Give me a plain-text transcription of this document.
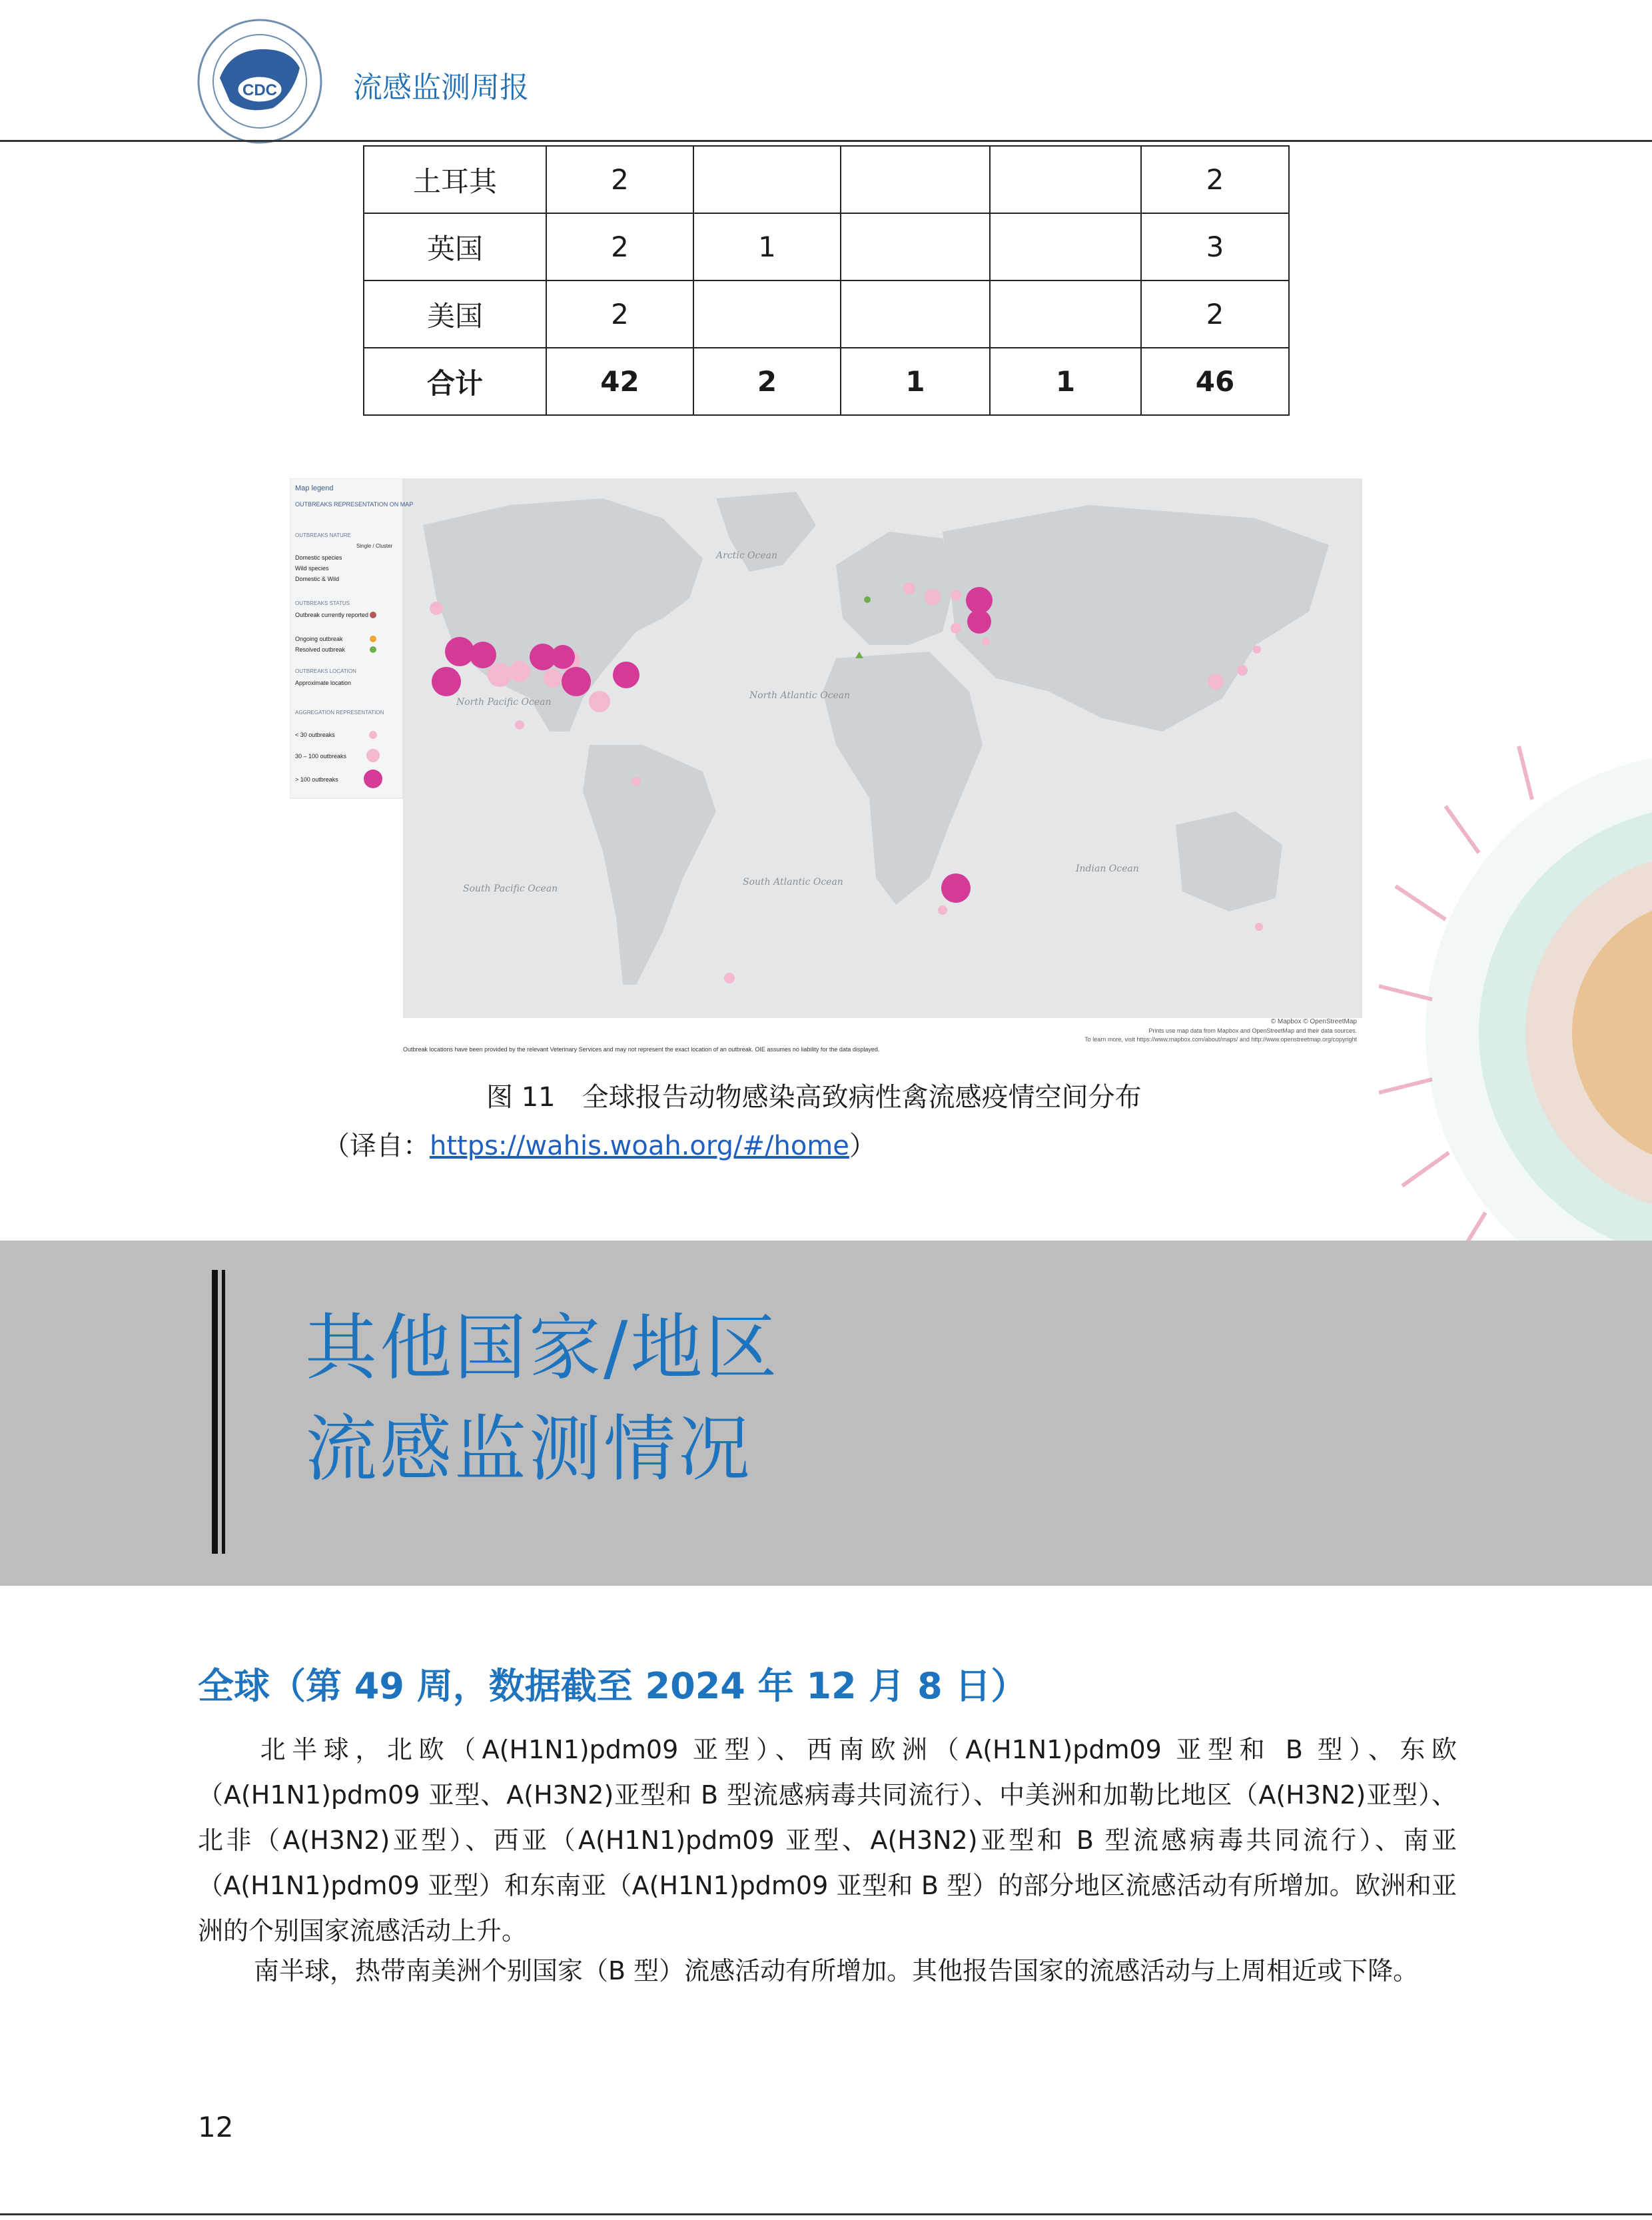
CDC	流感监测周报
土耳其	2				2
英国	2	1			3
美国	2				2
合计	42	2	1	1	46
Arctic Ocean
North Pacific Ocean
North Atlantic Ocean
South Pacific Ocean
South Atlantic Ocean
Indian Ocean
Map legend
OUTBREAKS REPRESENTATION ON MAP
OUTBREAKS NATURE
Single / Cluster
Domestic species
Wild species
Domestic & Wild
OUTBREAKS STATUS
Outbreak currently reported
Ongoing outbreak
Resolved outbreak
OUTBREAKS LOCATION
Approximate location
AGGREGATION REPRESENTATION
< 30 outbreaks
30 – 100 outbreaks
> 100 outbreaks
© Mapbox © OpenStreetMap
Prints use map data from Mapbox and OpenStreetMap and their data sources.
To learn more, visit https://www.mapbox.com/about/maps/ and http://www.openstreetmap.org/copyright
Outbreak locations have been provided by the relevant Veterinary Services and may not represent the exact location of an outbreak. OIE assumes no liability for the data displayed.
图 11　全球报告动物感染高致病性禽流感疫情空间分布
（译自：https://wahis.woah.org/#/home）
其他国家/地区
流感监测情况
全球（第 49 周，数据截至 2024 年 12 月 8 日）
北半球，北欧（A(H1N1)pdm09 亚型）、西南欧洲（A(H1N1)pdm09 亚型和 B 型）、东欧（A(H1N1)pdm09 亚型、A(H3N2)亚型和 B 型流感病毒共同流行）、中美洲和加勒比地区（A(H3N2)亚型）、北非（A(H3N2)亚型）、西亚（A(H1N1)pdm09 亚型、A(H3N2)亚型和 B 型流感病毒共同流行）、南亚（A(H1N1)pdm09 亚型）和东南亚（A(H1N1)pdm09 亚型和 B 型）的部分地区流感活动有所增加。欧洲和亚洲的个别国家流感活动上升。
南半球，热带南美洲个别国家（B 型）流感活动有所增加。其他报告国家的流感活动与上周相近或下降。
12
